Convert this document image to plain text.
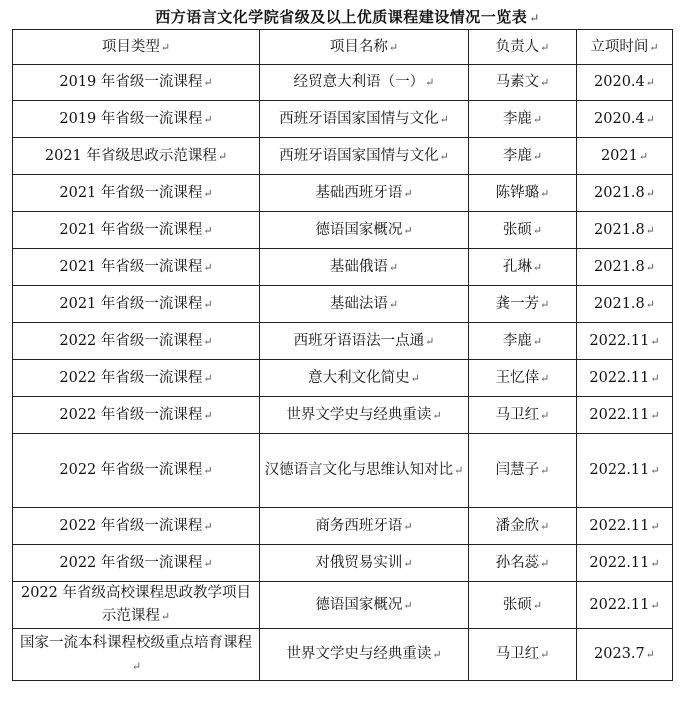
西方语言文化学院省级及以上优质课程建设情况一览表 ↵
项目类型↵	项目名称↵	负责人↵	立项时间↵
2019 年省级一流课程↵	经贸意大利语（一）↵	马素文↵	2020.4↵
2019 年省级一流课程↵	西班牙语国家国情与文化↵	李鹿↵	2020.4↵
2021 年省级思政示范课程↵	西班牙语国家国情与文化↵	李鹿↵	2021↵
2021 年省级一流课程↵	基础西班牙语↵	陈铧璐↵	2021.8↵
2021 年省级一流课程↵	德语国家概况↵	张硕↵	2021.8↵
2021 年省级一流课程↵	基础俄语↵	孔琳↵	2021.8↵
2021 年省级一流课程↵	基础法语↵	龚一芳↵	2021.8↵
2022 年省级一流课程↵	西班牙语语法一点通↵	李鹿↵	2022.11↵
2022 年省级一流课程↵	意大利文化简史↵	王忆倖↵	2022.11↵
2022 年省级一流课程↵	世界文学史与经典重读↵	马卫红↵	2022.11↵
2022 年省级一流课程↵	汉德语言文化与思维认知对比↵	闫慧子↵	2022.11↵
2022 年省级一流课程↵	商务西班牙语↵	潘金欣↵	2022.11↵
2022 年省级一流课程↵	对俄贸易实训↵	孙名蕊↵	2022.11↵
2022 年省级高校课程思政教学项目示范课程↵	德语国家概况↵	张硕↵	2022.11↵
国家一流本科课程校级重点培育课程↵	世界文学史与经典重读↵	马卫红↵	2023.7↵
